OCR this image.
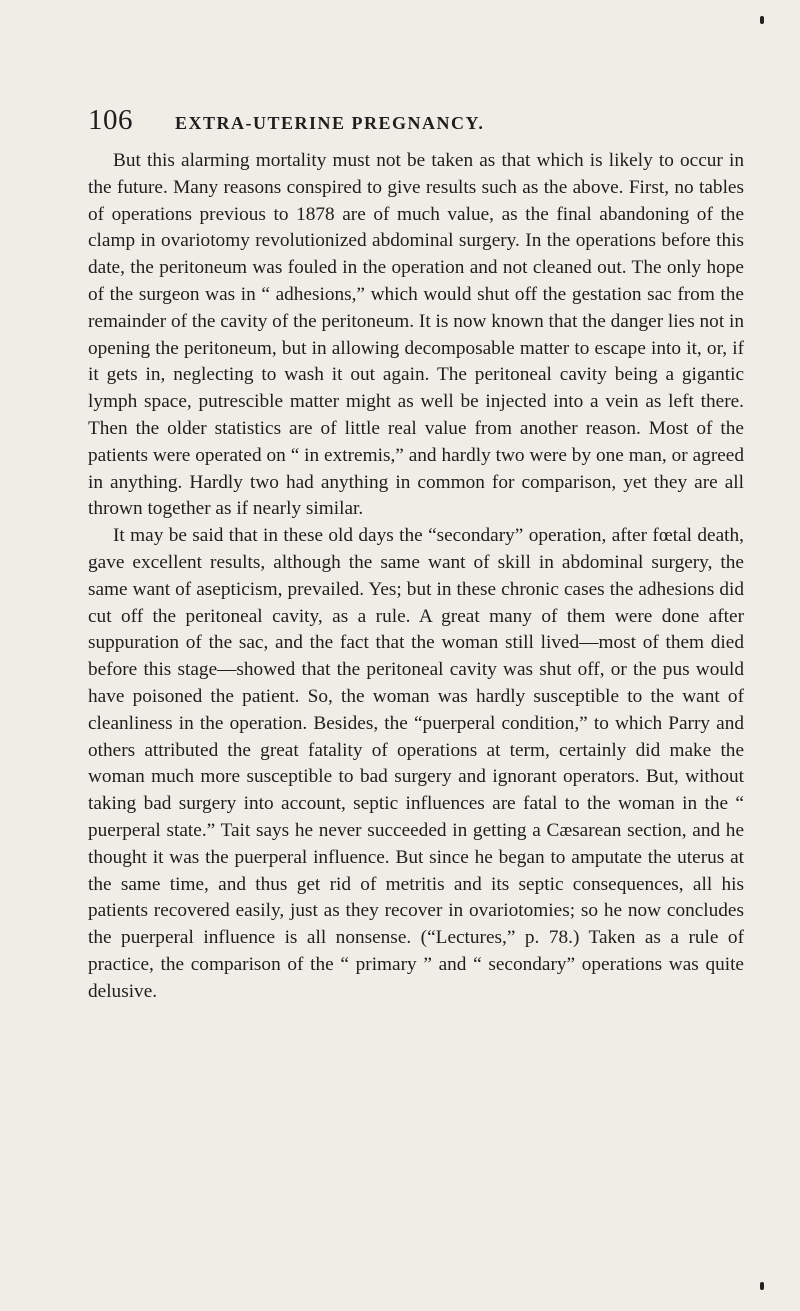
106 EXTRA-UTERINE PREGNANCY.

But this alarming mortality must not be taken as that which is likely to occur in the future. Many reasons conspired to give results such as the above. First, no tables of operations previous to 1878 are of much value, as the final abandoning of the clamp in ovariotomy revolutionized abdominal surgery. In the operations before this date, the peritoneum was fouled in the operation and not cleaned out. The only hope of the surgeon was in “ adhesions,” which would shut off the gestation sac from the remainder of the cavity of the peritoneum. It is now known that the danger lies not in opening the peritoneum, but in allowing decomposable matter to escape into it, or, if it gets in, neglecting to wash it out again. The peritoneal cavity being a gigantic lymph space, putrescible matter might as well be injected into a vein as left there. Then the older statistics are of little real value from another reason. Most of the patients were operated on “ in extremis,” and hardly two were by one man, or agreed in anything. Hardly two had anything in common for comparison, yet they are all thrown together as if nearly similar.

It may be said that in these old days the “secondary” operation, after fœtal death, gave excellent results, although the same want of skill in abdominal surgery, the same want of asepticism, prevailed. Yes; but in these chronic cases the adhesions did cut off the peritoneal cavity, as a rule. A great many of them were done after suppuration of the sac, and the fact that the woman still lived—most of them died before this stage—showed that the peritoneal cavity was shut off, or the pus would have poisoned the patient. So, the woman was hardly susceptible to the want of cleanliness in the operation. Besides, the “puerperal condition,” to which Parry and others attributed the great fatality of operations at term, certainly did make the woman much more susceptible to bad surgery and ignorant operators. But, without taking bad surgery into account, septic influences are fatal to the woman in the “ puerperal state.” Tait says he never succeeded in getting a Cæsarean section, and he thought it was the puerperal influence. But since he began to amputate the uterus at the same time, and thus get rid of metritis and its septic consequences, all his patients recovered easily, just as they recover in ovariotomies; so he now concludes the puerperal influence is all nonsense. (“Lectures,” p. 78.) Taken as a rule of practice, the comparison of the “ primary ” and “ secondary” operations was quite delusive.
